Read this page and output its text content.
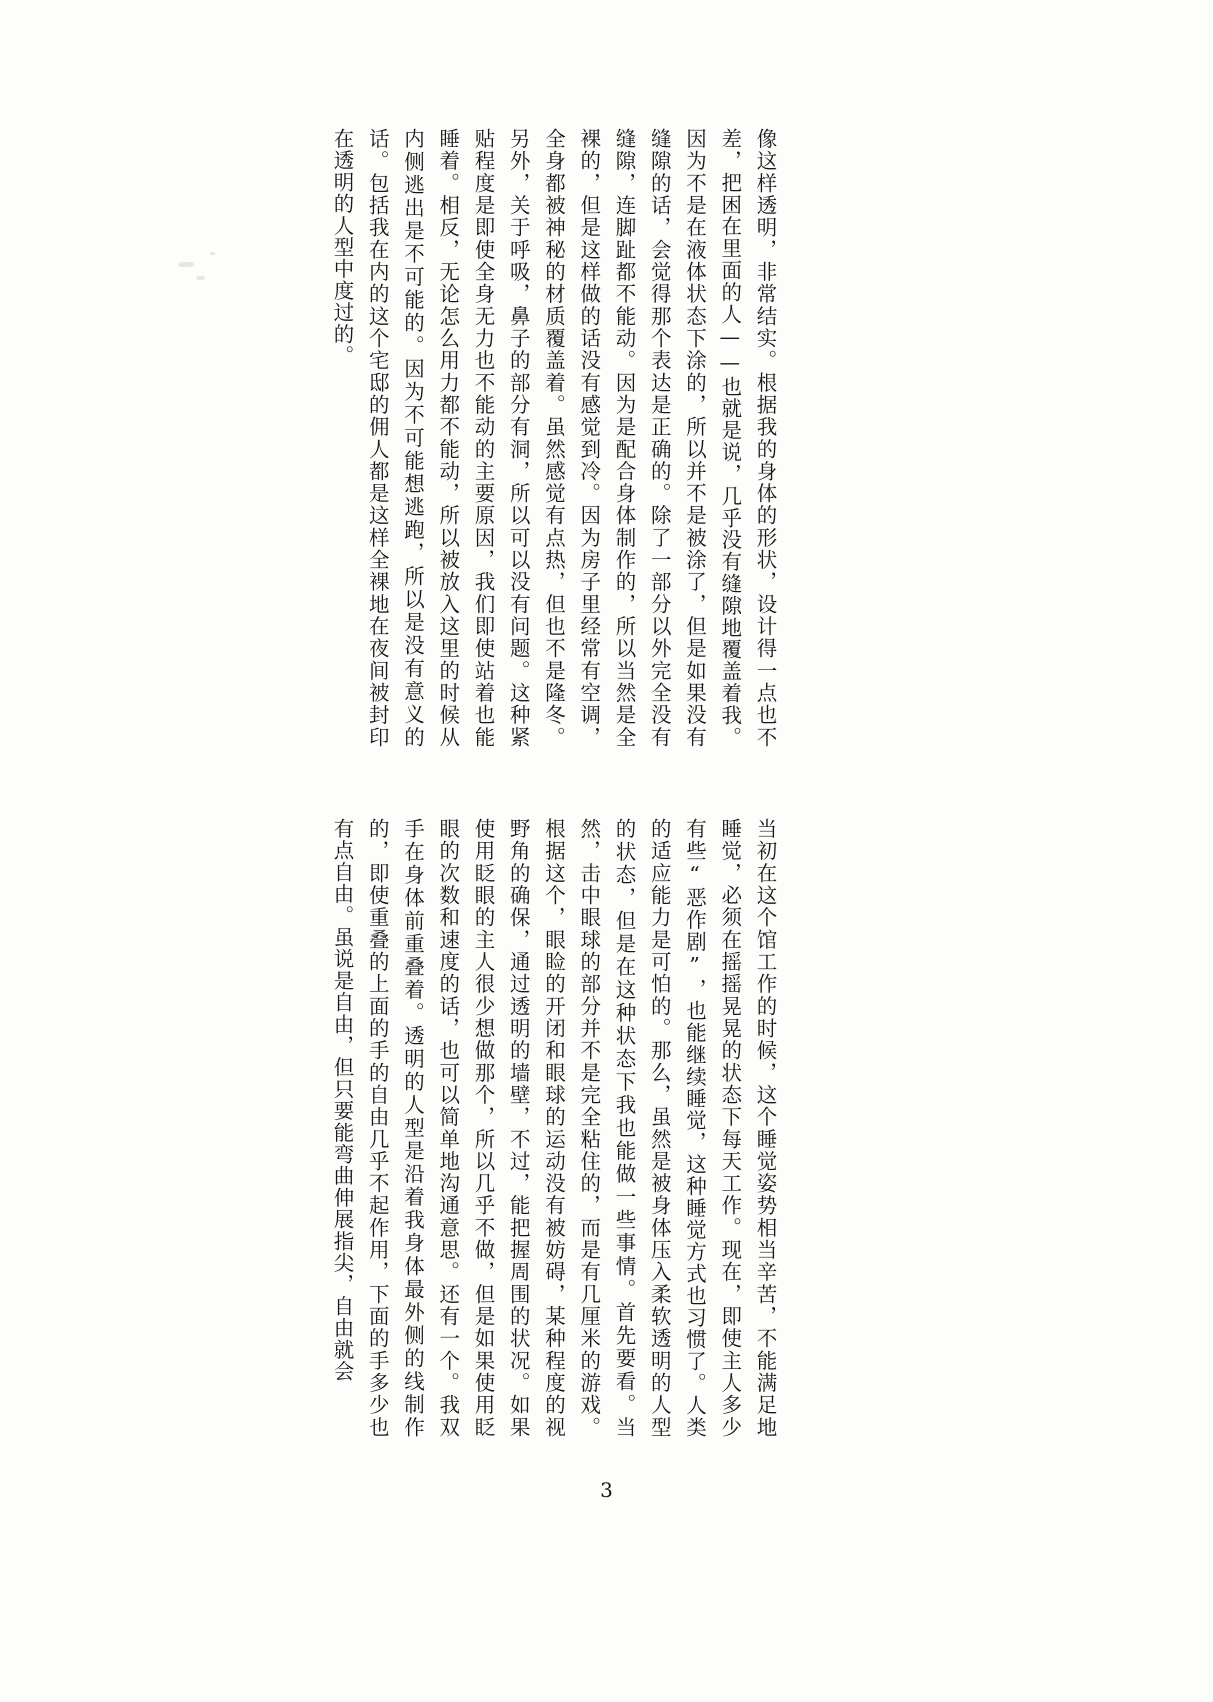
像这样透明，非常结实。根据我的身体的形状，设计得一点也不差，把困在里面的人——也就是说，几乎没有缝隙地覆盖着我。因为不是在液体状态下涂的，所以并不是被涂了，但是如果没有缝隙的话，会觉得那个表达是正确的。除了一部分以外完全没有缝隙，连脚趾都不能动。因为是配合身体制作的，所以当然是全裸的，但是这样做的话没有感觉到冷。因为房子里经常有空调，全身都被神秘的材质覆盖着。虽然感觉有点热，但也不是隆冬。另外，关于呼吸，鼻子的部分有洞，所以可以没有问题。这种紧贴程度是即使全身无力也不能动的主要原因，我们即使站着也能睡着。相反，无论怎么用力都不能动，所以被放入这里的时候从内侧逃出是不可能的。因为不可能想逃跑，所以是没有意义的话。包括我在内的这个宅邸的佣人都是这样全裸地在夜间被封印在透明的人型中度过的。

当初在这个馆工作的时候，这个睡觉姿势相当辛苦，不能满足地睡觉，必须在摇摇晃晃的状态下每天工作。现在，即使主人多少有些“恶作剧”，也能继续睡觉，这种睡觉方式也习惯了。人类的适应能力是可怕的。那么，虽然是被身体压入柔软透明的人型的状态，但是在这种状态下我也能做一些事情。首先要看。当然，击中眼球的部分并不是完全粘住的，而是有几厘米的游戏。根据这个，眼睑的开闭和眼球的运动没有被妨碍，某种程度的视野角的确保，通过透明的墙壁，不过，能把握周围的状况。如果使用眨眼的主人很少想做那个，所以几乎不做，但是如果使用眨眼的次数和速度的话，也可以简单地沟通意思。还有一个。我双手在身体前重叠着。透明的人型是沿着我身体最外侧的线制作的，即使重叠的上面的手的自由几乎不起作用，下面的手多少也有点自由。虽说是自由，但只要能弯曲伸展指尖，自由就会

3
